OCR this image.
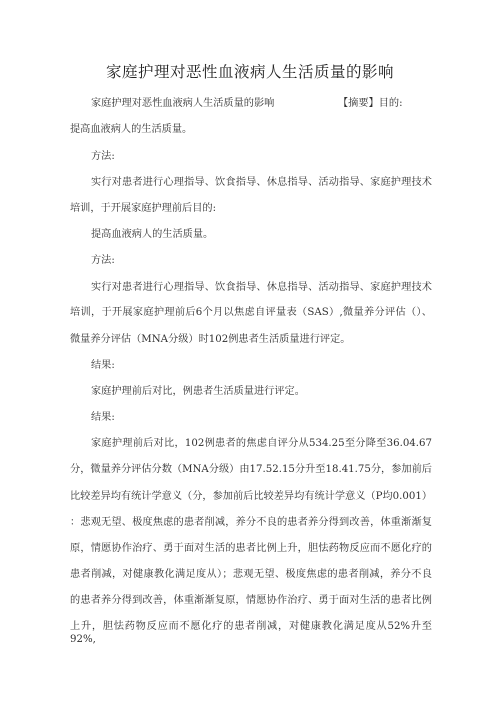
家庭护理对恶性血液病人生活质量的影响
家庭护理对恶性血液病人生活质量的影响	【摘要】目的:
提高血液病人的生活质量。
方法:
实行对患者进行心理指导、饮食指导、休息指导、活动指导、家庭护理技术
培训，于开展家庭护理前后目的:
提高血液病人的生活质量。
方法:
实行对患者进行心理指导、饮食指导、休息指导、活动指导、家庭护理技术
培训，于开展家庭护理前后6个月以焦虑自评量表（SAS）,微量养分评估（）、
微量养分评估（MNA分级）时102例患者生活质量进行评定。
结果:
家庭护理前后对比，例患者生活质量进行评定。
结果:
家庭护理前后对比，102例患者的焦虑自评分从534.25至分降至36.04.67
分，微量养分评估分数（MNA分级）由17.52.15分升至18.41.75分，参加前后
比较差异均有统计学意义（分，参加前后比较差异均有统计学意义（P均0.001）
：悲观无望、极度焦虑的患者削减，养分不良的患者养分得到改善，体重渐渐复
原，情愿协作治疗、勇于面对生活的患者比例上升，胆怯药物反应而不愿化疗的
患者削减，对健康教化满足度从）；悲观无望、极度焦虑的患者削减，养分不良
的患者养分得到改善，体重渐渐复原，情愿协作治疗、勇于面对生活的患者比例
上升，胆怯药物反应而不愿化疗的患者削减，对健康教化满足度从52%升至92%,
